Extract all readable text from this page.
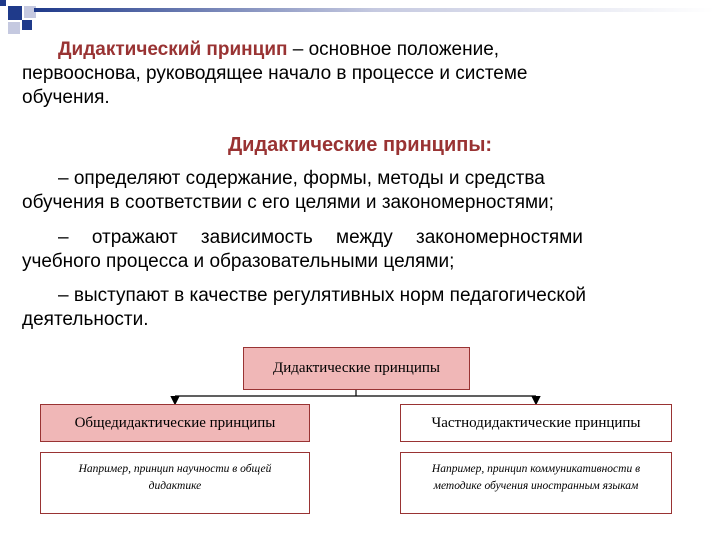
Дидактический принцип – основное положение,
первооснова, руководящее начало в процессе и системе
обучения.
Дидактические принципы:
– определяют содержание, формы, методы и средства
обучения в соответствии с его целями и закономерностями;
– отражают зависимость между закономерностями
учебного процесса и образовательными целями;
– выступают в качестве регулятивных норм педагогической
деятельности.
Дидактические принципы
Общедидактические принципы	Частнодидактические принципы
Например, принцип научности в общей
дидактике
Например, принцип коммуникативности в
методике обучения иностранным языкам
